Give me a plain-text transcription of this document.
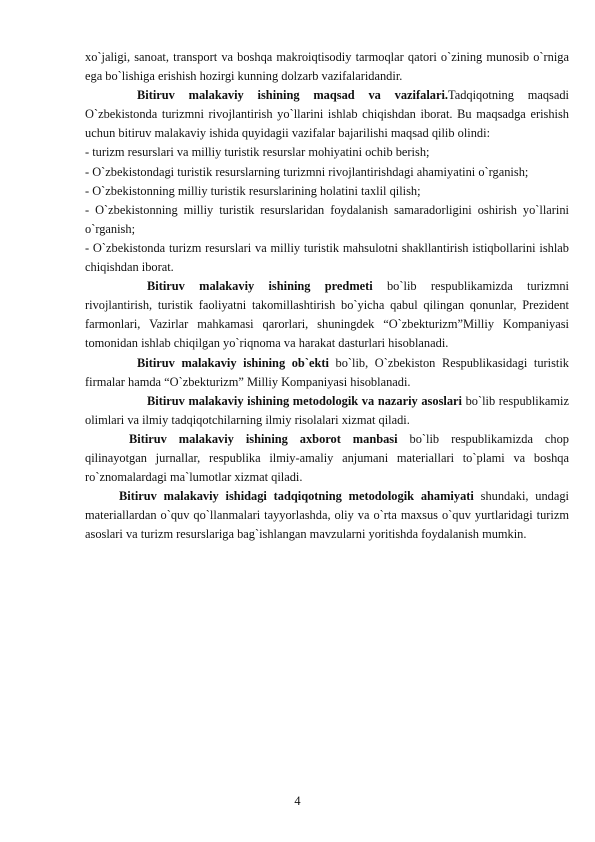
xo`jaligi, sanoat, transport va boshqa makroiqtisodiy tarmoqlar qatori o`zining munosib o`rniga ega bo`lishiga erishish hozirgi kunning dolzarb vazifalaridandir.

Bitiruv malakaviy ishining maqsad va vazifalari.Tadqiqotning maqsadi O`zbekistonda turizmni rivojlantirish yo`llarini ishlab chiqishdan iborat. Bu maqsadga erishish uchun bitiruv malakaviy ishida quyidagii vazifalar bajarilishi maqsad qilib olindi:

- turizm resurslari va milliy turistik resurslar mohiyatini ochib berish;

- O`zbekistondagi turistik resurslarning turizmni rivojlantirishdagi ahamiyatini o`rganish;

- O`zbekistonning milliy turistik resurslarining holatini taxlil qilish;

- O`zbekistonning milliy turistik resurslaridan foydalanish samaradorligini oshirish yo`llarini o`rganish;

- O`zbekistonda turizm resurslari va milliy turistik mahsulotni shakllantirish istiqbollarini ishlab chiqishdan iborat.

Bitiruv malakaviy ishining predmeti bo`lib respublikamizda turizmni rivojlantirish, turistik faoliyatni takomillashtirish bo`yicha qabul qilingan qonunlar, Prezident farmonlari, Vazirlar mahkamasi qarorlari, shuningdek “O`zbekturizm”Milliy Kompaniyasi tomonidan ishlab chiqilgan yo`riqnoma va harakat dasturlari hisoblanadi.

Bitiruv malakaviy ishining ob`ekti bo`lib, O`zbekiston Respublikasidagi turistik firmalar hamda “O`zbekturizm” Milliy Kompaniyasi hisoblanadi.

Bitiruv malakaviy ishining metodologik va nazariy asoslari bo`lib respublikamiz olimlari va ilmiy tadqiqotchilarning ilmiy risolalari xizmat qiladi.

Bitiruv malakaviy ishining axborot manbasi bo`lib respublikamizda chop qilinayotgan jurnallar, respublika ilmiy-amaliy anjumani materiallari to`plami va boshqa ro`znomalardagi ma`lumotlar xizmat qiladi.

Bitiruv malakaviy ishidagi tadqiqotning metodologik ahamiyati shundaki, undagi materiallardan o`quv qo`llanmalari tayyorlashda, oliy va o`rta maxsus o`quv yurtlaridagi turizm asoslari va turizm resurslariga bag`ishlangan mavzularni yoritishda foydalanish mumkin.

4
